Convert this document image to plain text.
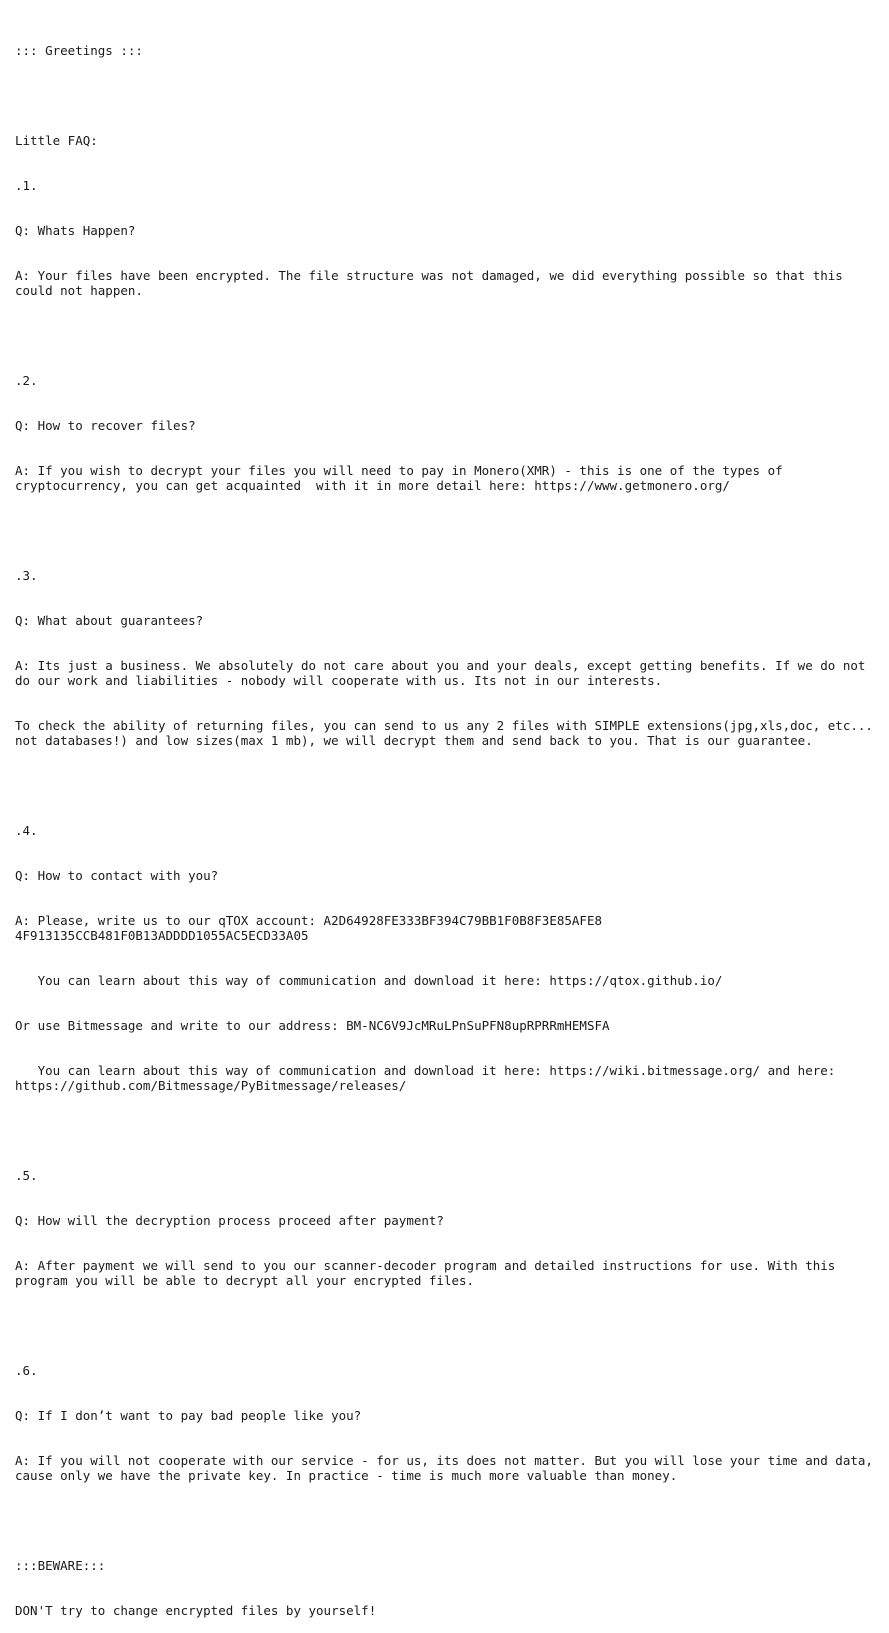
::: Greetings :::

Little FAQ:

.1.

Q: Whats Happen?

A: Your files have been encrypted. The file structure was not damaged, we did everything possible so that this could not happen.

.2.

Q: How to recover files?

A: If you wish to decrypt your files you will need to pay in Monero(XMR) - this is one of the types of cryptocurrency, you can get acquainted  with it in more detail here: https://www.getmonero.org/

.3.

Q: What about guarantees?

A: Its just a business. We absolutely do not care about you and your deals, except getting benefits. If we do not do our work and liabilities - nobody will cooperate with us. Its not in our interests.

To check the ability of returning files, you can send to us any 2 files with SIMPLE extensions(jpg,xls,doc, etc... not databases!) and low sizes(max 1 mb), we will decrypt them and send back to you. That is our guarantee.

.4.

Q: How to contact with you?

A: Please, write us to our qTOX account: A2D64928FE333BF394C79BB1F0B8F3E85AFE8 4F913135CCB481F0B13ADDDD1055AC5ECD33A05

You can learn about this way of communication and download it here: https://qtox.github.io/

Or use Bitmessage and write to our address: BM-NC6V9JcMRuLPnSuPFN8upRPRRmHEMSFA

You can learn about this way of communication and download it here: https://wiki.bitmessage.org/ and here: https://github.com/Bitmessage/PyBitmessage/releases/

.5.

Q: How will the decryption process proceed after payment?

A: After payment we will send to you our scanner-decoder program and detailed instructions for use. With this program you will be able to decrypt all your encrypted files.

.6.

Q: If I don’t want to pay bad people like you?

A: If you will not cooperate with our service - for us, its does not matter. But you will lose your time and data, cause only we have the private key. In practice - time is much more valuable than money.

:::BEWARE:::

DON'T try to change encrypted files by yourself!
